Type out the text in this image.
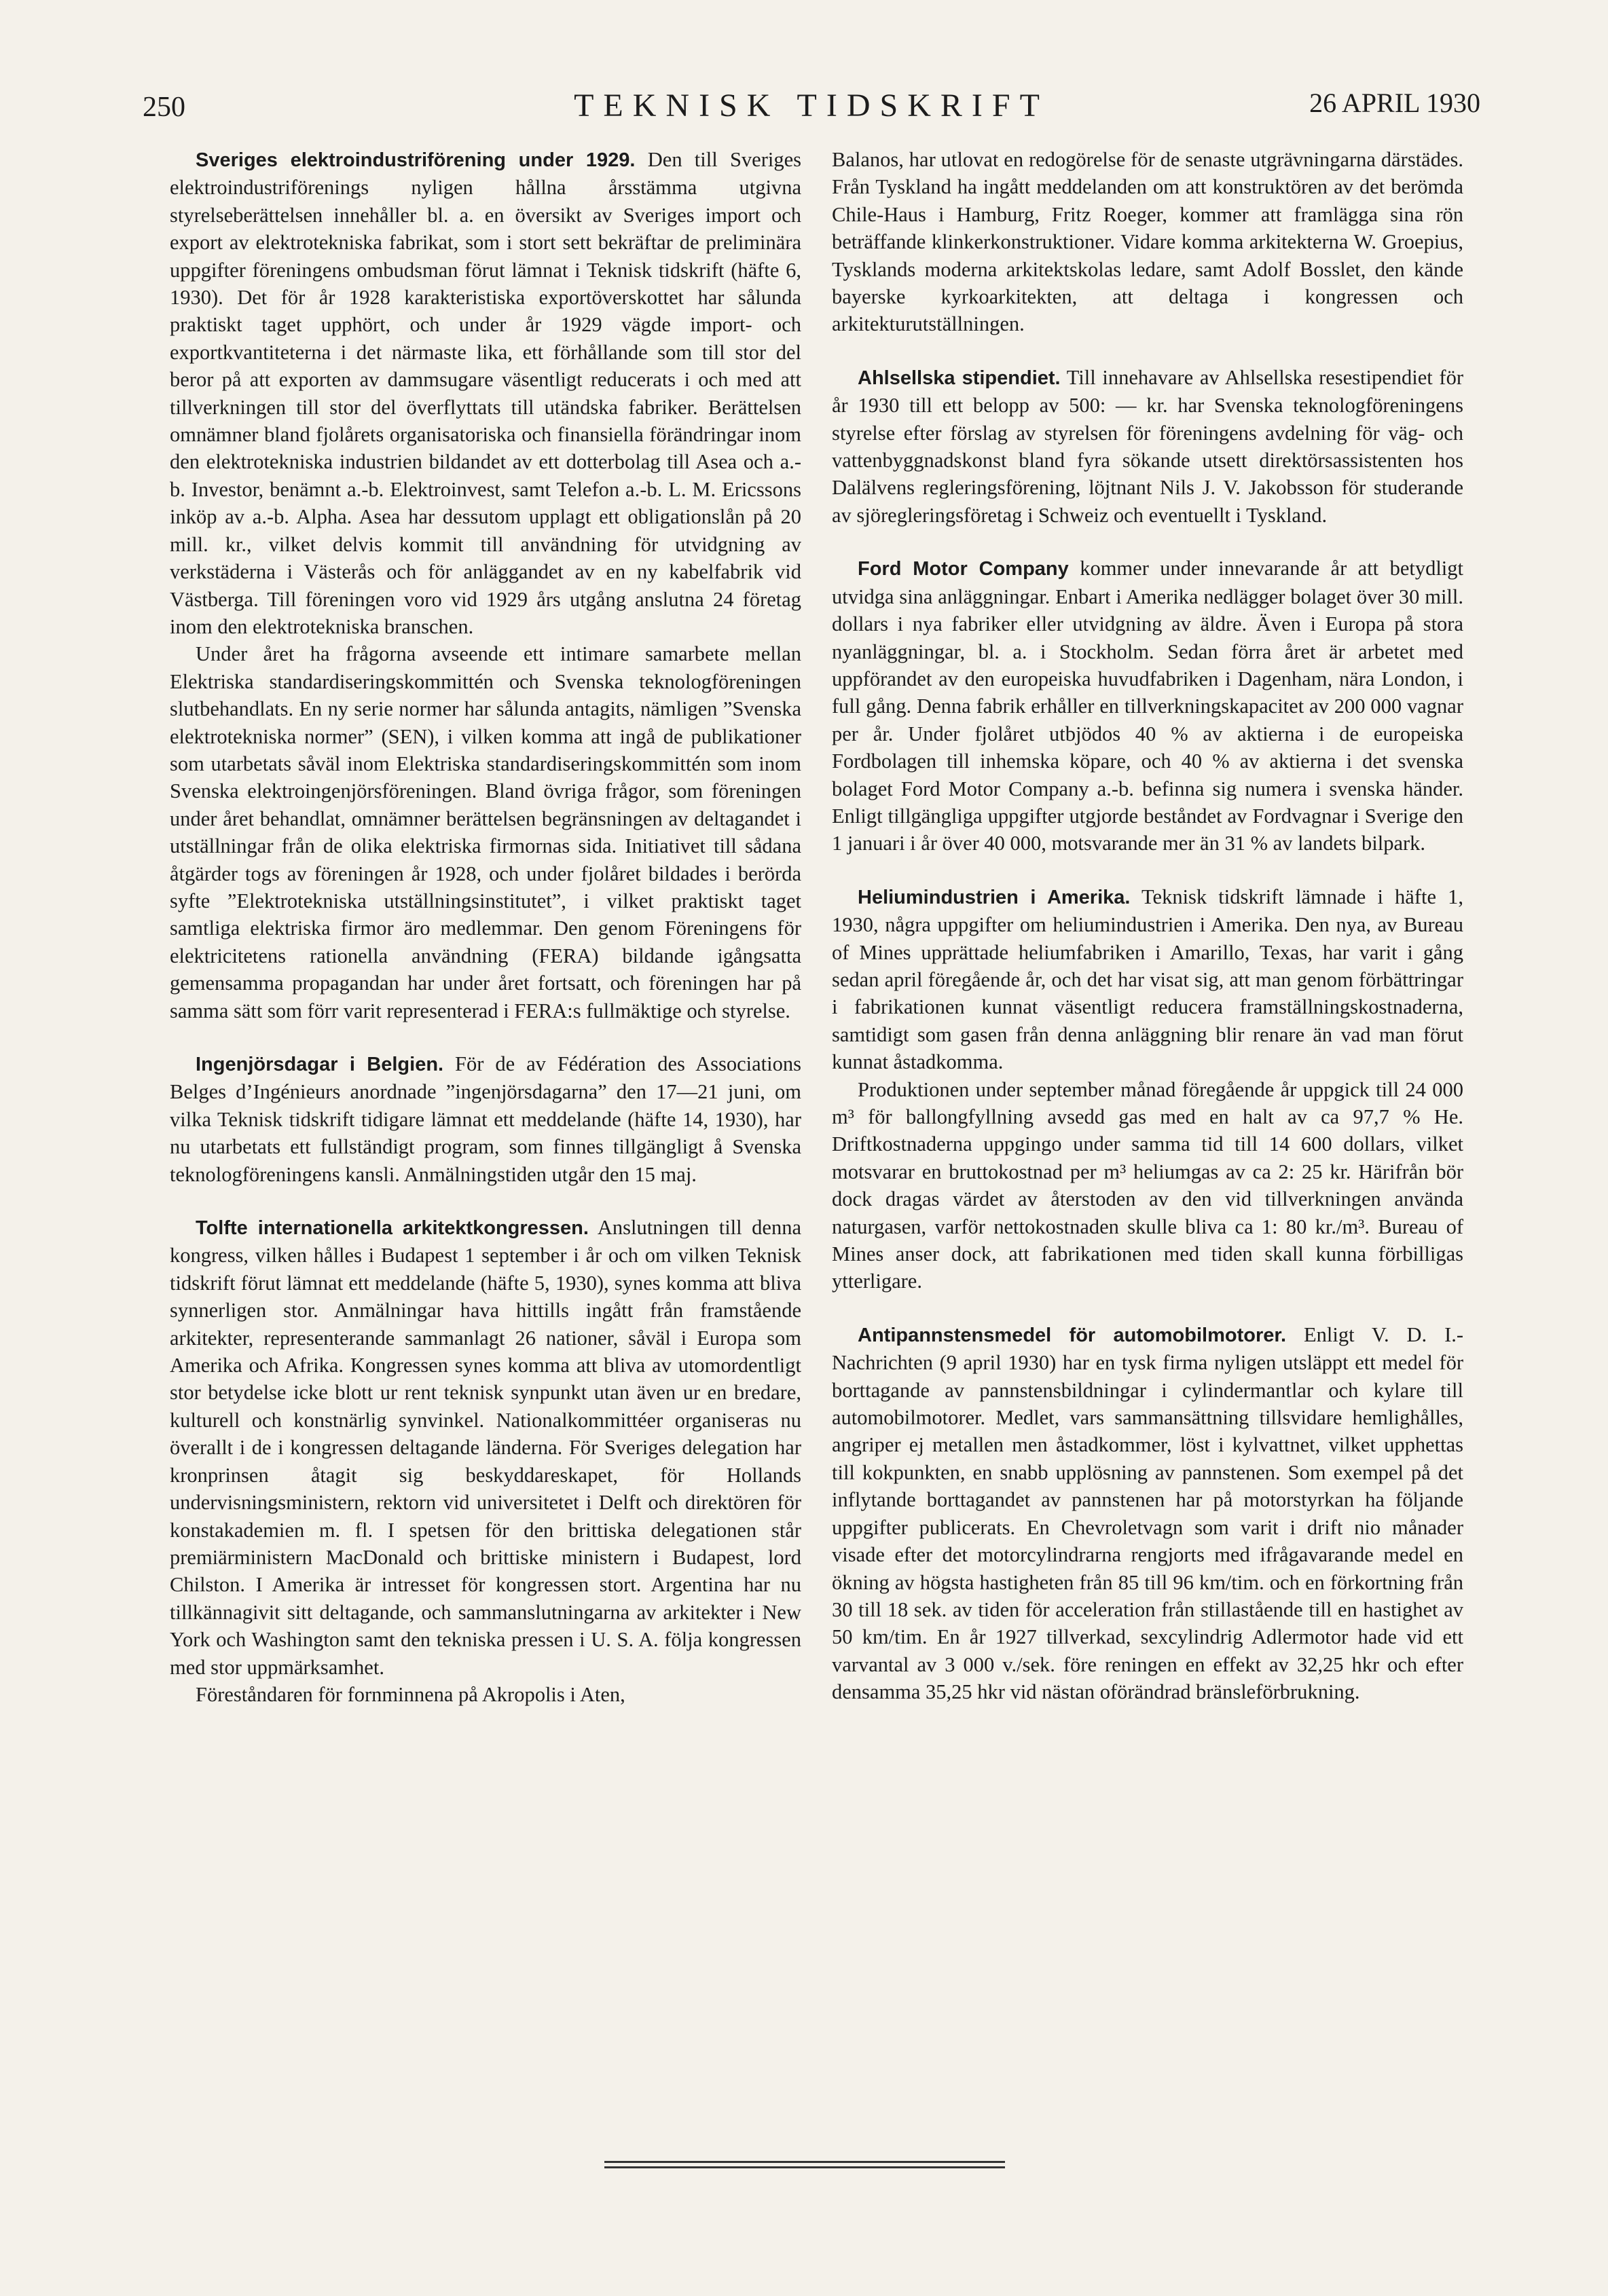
250	TEKNISK TIDSKRIFT	26 APRIL 1930

Sveriges elektroindustriförening under 1929. Den till Sveriges elektroindustriförenings nyligen hållna årsstämma utgivna styrelseberättelsen innehåller bl. a. en översikt av Sveriges import och export av elektrotekniska fabrikat, som i stort sett bekräftar de preliminära uppgifter föreningens ombudsman förut lämnat i Teknisk tidskrift (häfte 6, 1930). Det för år 1928 karakteristiska exportöverskottet har sålunda praktiskt taget upphört, och under år 1929 vägde import- och exportkvantiteterna i det närmaste lika, ett förhållande som till stor del beror på att exporten av dammsugare väsentligt reducerats i och med att tillverkningen till stor del överflyttats till utändska fabriker. Berättelsen omnämner bland fjolårets organisatoriska och finansiella förändringar inom den elektrotekniska industrien bildandet av ett dotterbolag till Asea och a.-b. Investor, benämnt a.-b. Elektroinvest, samt Telefon a.-b. L. M. Ericssons inköp av a.-b. Alpha. Asea har dessutom upplagt ett obligationslån på 20 mill. kr., vilket delvis kommit till användning för utvidgning av verkstäderna i Västerås och för anläggandet av en ny kabelfabrik vid Västberga. Till föreningen voro vid 1929 års utgång anslutna 24 företag inom den elektrotekniska branschen.

Under året ha frågorna avseende ett intimare samarbete mellan Elektriska standardiseringskommittén och Svenska teknologföreningen slutbehandlats. En ny serie normer har sålunda antagits, nämligen ”Svenska elektrotekniska normer” (SEN), i vilken komma att ingå de publikationer som utarbetats såväl inom Elektriska standardiseringskommittén som inom Svenska elektroingenjörsföreningen. Bland övriga frågor, som föreningen under året behandlat, omnämner berättelsen begränsningen av deltagandet i utställningar från de olika elektriska firmornas sida. Initiativet till sådana åtgärder togs av föreningen år 1928, och under fjolåret bildades i berörda syfte ”Elektrotekniska utställningsinstitutet”, i vilket praktiskt taget samtliga elektriska firmor äro medlemmar. Den genom Föreningens för elektricitetens rationella användning (FERA) bildande igångsatta gemensamma propagandan har under året fortsatt, och föreningen har på samma sätt som förr varit representerad i FERA:s fullmäktige och styrelse.

Ingenjörsdagar i Belgien. För de av Fédération des Associations Belges d’Ingénieurs anordnade ”ingenjörsdagarna” den 17—21 juni, om vilka Teknisk tidskrift tidigare lämnat ett meddelande (häfte 14, 1930), har nu utarbetats ett fullständigt program, som finnes tillgängligt å Svenska teknologföreningens kansli. Anmälningstiden utgår den 15 maj.

Tolfte internationella arkitektkongressen. Anslutningen till denna kongress, vilken hålles i Budapest 1 september i år och om vilken Teknisk tidskrift förut lämnat ett meddelande (häfte 5, 1930), synes komma att bliva synnerligen stor. Anmälningar hava hittills ingått från framstående arkitekter, representerande sammanlagt 26 nationer, såväl i Europa som Amerika och Afrika. Kongressen synes komma att bliva av utomordentligt stor betydelse icke blott ur rent teknisk synpunkt utan även ur en bredare, kulturell och konstnärlig synvinkel. Nationalkommittéer organiseras nu överallt i de i kongressen deltagande länderna. För Sveriges delegation har kronprinsen åtagit sig beskyddareskapet, för Hollands undervisningsministern, rektorn vid universitetet i Delft och direktören för konstakademien m. fl. I spetsen för den brittiska delegationen står premiärministern MacDonald och brittiske ministern i Budapest, lord Chilston. I Amerika är intresset för kongressen stort. Argentina har nu tillkännagivit sitt deltagande, och sammanslutningarna av arkitekter i New York och Washington samt den tekniska pressen i U. S. A. följa kongressen med stor uppmärksamhet.

Föreståndaren för fornminnena på Akropolis i Aten,

Balanos, har utlovat en redogörelse för de senaste utgrävningarna därstädes. Från Tyskland ha ingått meddelanden om att konstruktören av det berömda Chile-Haus i Hamburg, Fritz Roeger, kommer att framlägga sina rön beträffande klinkerkonstruktioner. Vidare komma arkitekterna W. Groepius, Tysklands moderna arkitektskolas ledare, samt Adolf Bosslet, den kände bayerske kyrkoarkitekten, att deltaga i kongressen och arkitekturutställningen.

Ahlsellska stipendiet. Till innehavare av Ahlsellska resestipendiet för år 1930 till ett belopp av 500: — kr. har Svenska teknologföreningens styrelse efter förslag av styrelsen för föreningens avdelning för väg- och vattenbyggnadskonst bland fyra sökande utsett direktörsassistenten hos Dalälvens regleringsförening, löjtnant Nils J. V. Jakobsson för studerande av sjöregleringsföretag i Schweiz och eventuellt i Tyskland.

Ford Motor Company kommer under innevarande år att betydligt utvidga sina anläggningar. Enbart i Amerika nedlägger bolaget över 30 mill. dollars i nya fabriker eller utvidgning av äldre. Även i Europa på stora nyanläggningar, bl. a. i Stockholm. Sedan förra året är arbetet med uppförandet av den europeiska huvudfabriken i Dagenham, nära London, i full gång. Denna fabrik erhåller en tillverkningskapacitet av 200 000 vagnar per år. Under fjolåret utbjödos 40 % av aktierna i de europeiska Fordbolagen till inhemska köpare, och 40 % av aktierna i det svenska bolaget Ford Motor Company a.-b. befinna sig numera i svenska händer. Enligt tillgängliga uppgifter utgjorde beståndet av Fordvagnar i Sverige den 1 januari i år över 40 000, motsvarande mer än 31 % av landets bilpark.

Heliumindustrien i Amerika. Teknisk tidskrift lämnade i häfte 1, 1930, några uppgifter om heliumindustrien i Amerika. Den nya, av Bureau of Mines upprättade heliumfabriken i Amarillo, Texas, har varit i gång sedan april föregående år, och det har visat sig, att man genom förbättringar i fabrikationen kunnat väsentligt reducera framställningskostnaderna, samtidigt som gasen från denna anläggning blir renare än vad man förut kunnat åstadkomma.

Produktionen under september månad föregående år uppgick till 24 000 m³ för ballongfyllning avsedd gas med en halt av ca 97,7 % He. Driftkostnaderna uppgingo under samma tid till 14 600 dollars, vilket motsvarar en bruttokostnad per m³ heliumgas av ca 2: 25 kr. Härifrån bör dock dragas värdet av återstoden av den vid tillverkningen använda naturgasen, varför nettokostnaden skulle bliva ca 1: 80 kr./m³. Bureau of Mines anser dock, att fabrikationen med tiden skall kunna förbilligas ytterligare.

Antipannstensmedel för automobilmotorer. Enligt V. D. I.-Nachrichten (9 april 1930) har en tysk firma nyligen utsläppt ett medel för borttagande av pannstensbildningar i cylindermantlar och kylare till automobilmotorer. Medlet, vars sammansättning tillsvidare hemlighålles, angriper ej metallen men åstadkommer, löst i kylvattnet, vilket upphettas till kokpunkten, en snabb upplösning av pannstenen. Som exempel på det inflytande borttagandet av pannstenen har på motorstyrkan ha följande uppgifter publicerats. En Chevroletvagn som varit i drift nio månader visade efter det motorcylindrarna rengjorts med ifrågavarande medel en ökning av högsta hastigheten från 85 till 96 km/tim. och en förkortning från 30 till 18 sek. av tiden för acceleration från stillastående till en hastighet av 50 km/tim. En år 1927 tillverkad, sexcylindrig Adlermotor hade vid ett varvantal av 3 000 v./sek. före reningen en effekt av 32,25 hkr och efter densamma 35,25 hkr vid nästan oförändrad bränsleförbrukning.
